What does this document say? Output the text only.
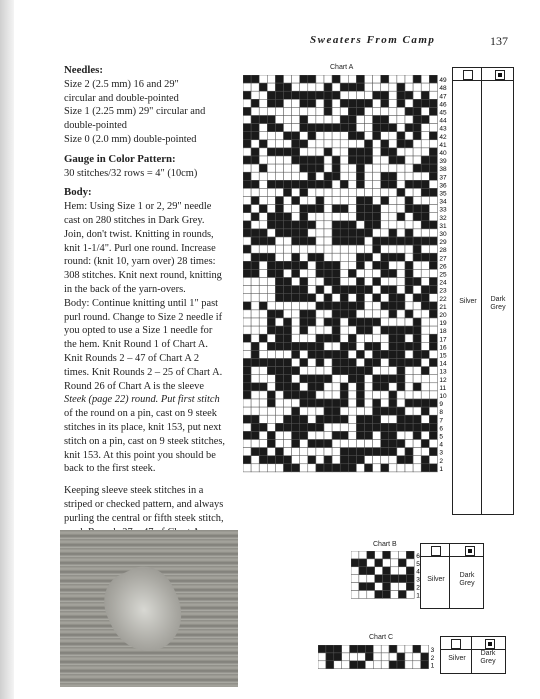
Sweaters From Camp	137
Needles:

Size 2 (2.5 mm) 16 and 29"
circular and double-pointed
Size 1 (2.25 mm) 29" circular and
double-pointed
Size 0 (2.0 mm) double-pointed

Gauge in Color Pattern:

30 stitches/32 rows = 4" (10cm)

Body:

Hem: Using Size 1 or 2, 29" needle
cast on 280 stitches in Dark Grey.
Join, don't twist. Knitting in rounds,
knit 1-1/4". Purl one round. Increase
round: (knit 10, yarn over) 28 times:
308 stitches. Knit next round, knitting
in the back of the yarn-overs.
Body: Continue knitting until 1" past
purl round. Change to Size 2 needle if
you opted to use a Size 1 needle for
the hem. Knit Round 1 of Chart A.
Knit Rounds 2 – 47 of Chart A 2
times. Knit Rounds 2 – 25 of Chart A.
Round 26 of Chart A is the sleeve
Steek (page 22) round. Put first stitch
of the round on a pin, cast on 9 steek
stitches in its place, knit 153, put next
stitch on a pin, cast on 9 steek stitches,
knit 153. At this point you should be
back to the first steek.

Keeping sleeve steek stitches in a
striped or checked pattern, and always
purling the central or fifth steek stitch,

Chart A
49
48
47
46
45
44
43
42
41
40
39
38
37
36
35
34
33
32
31
30
29
28
27
26
25
24
23
22
21
20
19
18
17
16
15
14
13
12
11
10
9
8
7
6
5
4
3
2
1
Silver	Dark Grey
Chart B
6
5
4
3
2
1
Silver
Dark Grey
Chart C
3
2
1
Silver
Dark Grey
